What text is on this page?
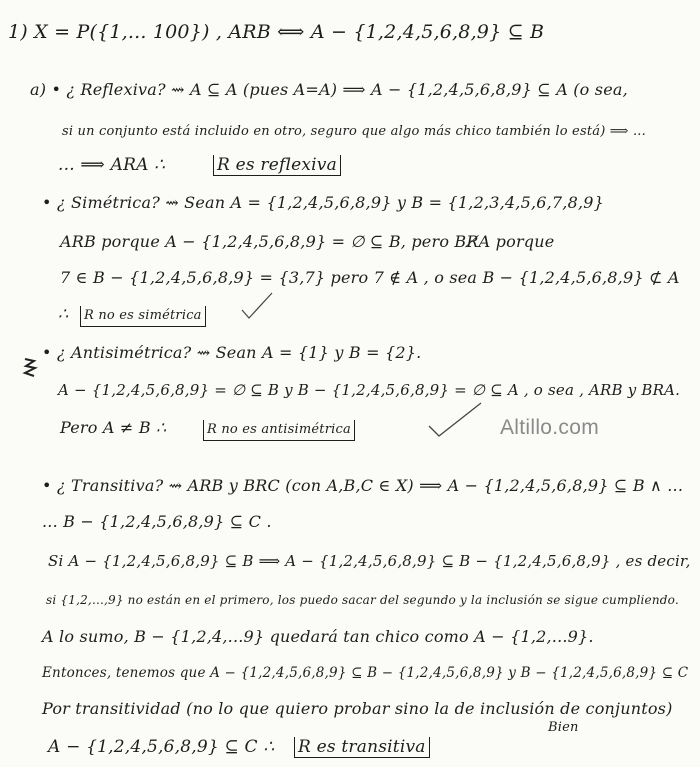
1) X = P({1,... 100}) , ARB ⟺ A − {1,2,4,5,6,8,9} ⊆ B
a) • ¿ Reflexiva? ⇝ A ⊆ A (pues A=A) ⟹ A − {1,2,4,5,6,8,9} ⊆ A (o sea,
si un conjunto está incluido en otro, seguro que algo más chico también lo está) ⟹ ...
... ⟹ ARA ∴	R es reflexiva
• ¿ Simétrica? ⇝ Sean A = {1,2,4,5,6,8,9} y B = {1,2,3,4,5,6,7,8,9}
ARB porque A − {1,2,4,5,6,8,9} = ∅ ⊆ B, pero BR̸A porque
7 ∈ B − {1,2,4,5,6,8,9} = {3,7} pero 7 ∉ A , o sea B − {1,2,4,5,6,8,9} ⊄ A
∴	R no es simétrica
• ¿ Antisimétrica? ⇝ Sean A = {1} y B = {2}.
A − {1,2,4,5,6,8,9} = ∅ ⊆ B y B − {1,2,4,5,6,8,9} = ∅ ⊆ A , o sea , ARB y BRA.
Pero A ≠ B ∴	R no es antisimétrica	Altillo.com
• ¿ Transitiva? ⇝ ARB y BRC (con A,B,C ∈ X) ⟹ A − {1,2,4,5,6,8,9} ⊆ B ∧ ...
... B − {1,2,4,5,6,8,9} ⊆ C .
Si A − {1,2,4,5,6,8,9} ⊆ B ⟹ A − {1,2,4,5,6,8,9} ⊆ B − {1,2,4,5,6,8,9} , es decir,
si {1,2,...,9} no están en el primero, los puedo sacar del segundo y la inclusión se sigue cumpliendo.
A lo sumo, B − {1,2,4,...9} quedará tan chico como A − {1,2,...9}.
Entonces, tenemos que A − {1,2,4,5,6,8,9} ⊆ B − {1,2,4,5,6,8,9} y B − {1,2,4,5,6,8,9} ⊆ C
Por transitividad (no lo que quiero probar sino la de inclusión de conjuntos)
Bien
A − {1,2,4,5,6,8,9} ⊆ C ∴ R es transitiva
